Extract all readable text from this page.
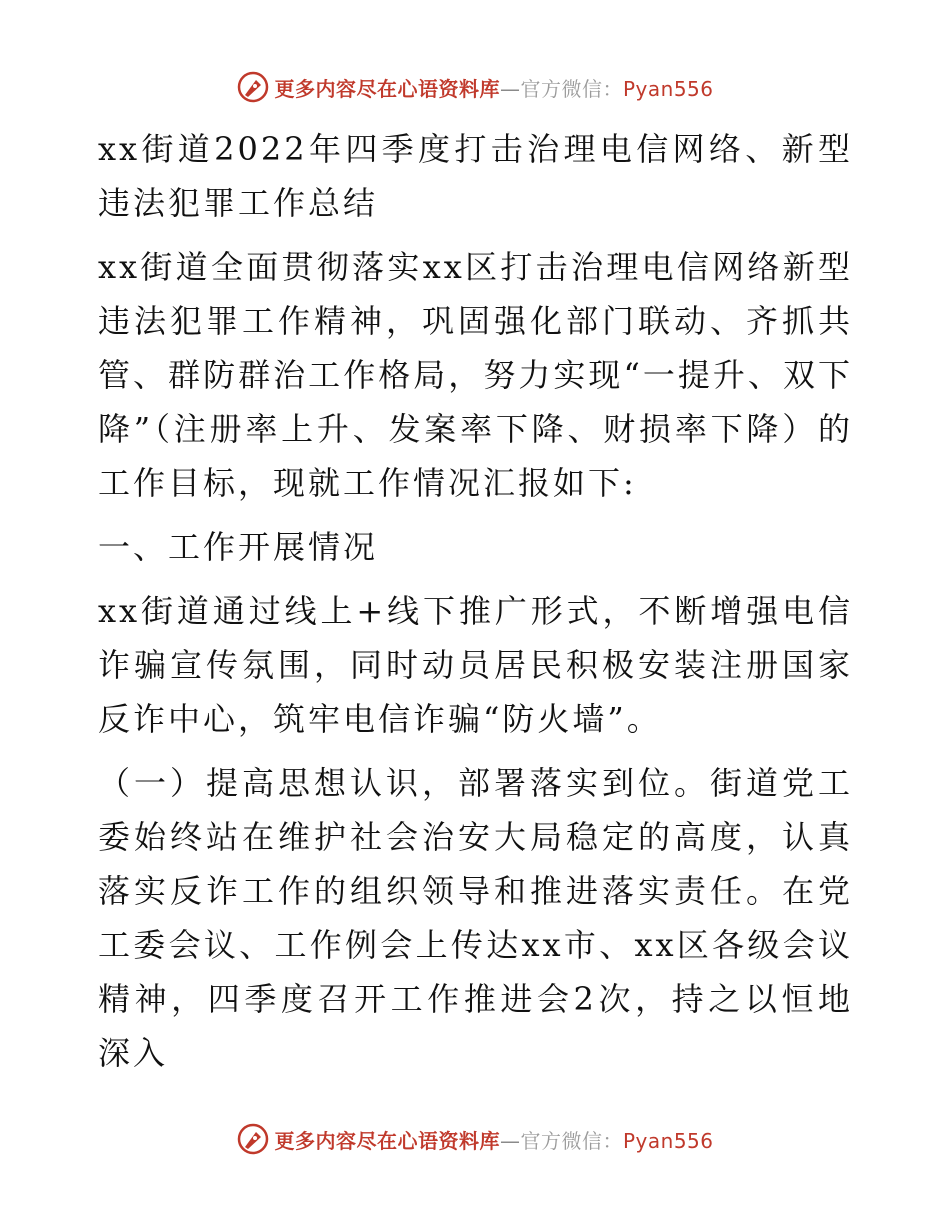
更多内容尽在心语资料库—官方微信：Pyan556

xx街道2022年四季度打击治理电信网络、新型违法犯罪工作总结

xx街道全面贯彻落实xx区打击治理电信网络新型违法犯罪工作精神，巩固强化部门联动、齐抓共管、群防群治工作格局，努力实现“一提升、双下降”（注册率上升、发案率下降、财损率下降）的工作目标，现就工作情况汇报如下:

一、工作开展情况

xx街道通过线上+线下推广形式，不断增强电信诈骗宣传氛围，同时动员居民积极安装注册国家反诈中心，筑牢电信诈骗“防火墙”。

（一）提高思想认识，部署落实到位。街道党工委始终站在维护社会治安大局稳定的高度，认真落实反诈工作的组织领导和推进落实责任。在党工委会议、工作例会上传达xx市、xx区各级会议精神，四季度召开工作推进会2次，持之以恒地深入

更多内容尽在心语资料库—官方微信：Pyan556
